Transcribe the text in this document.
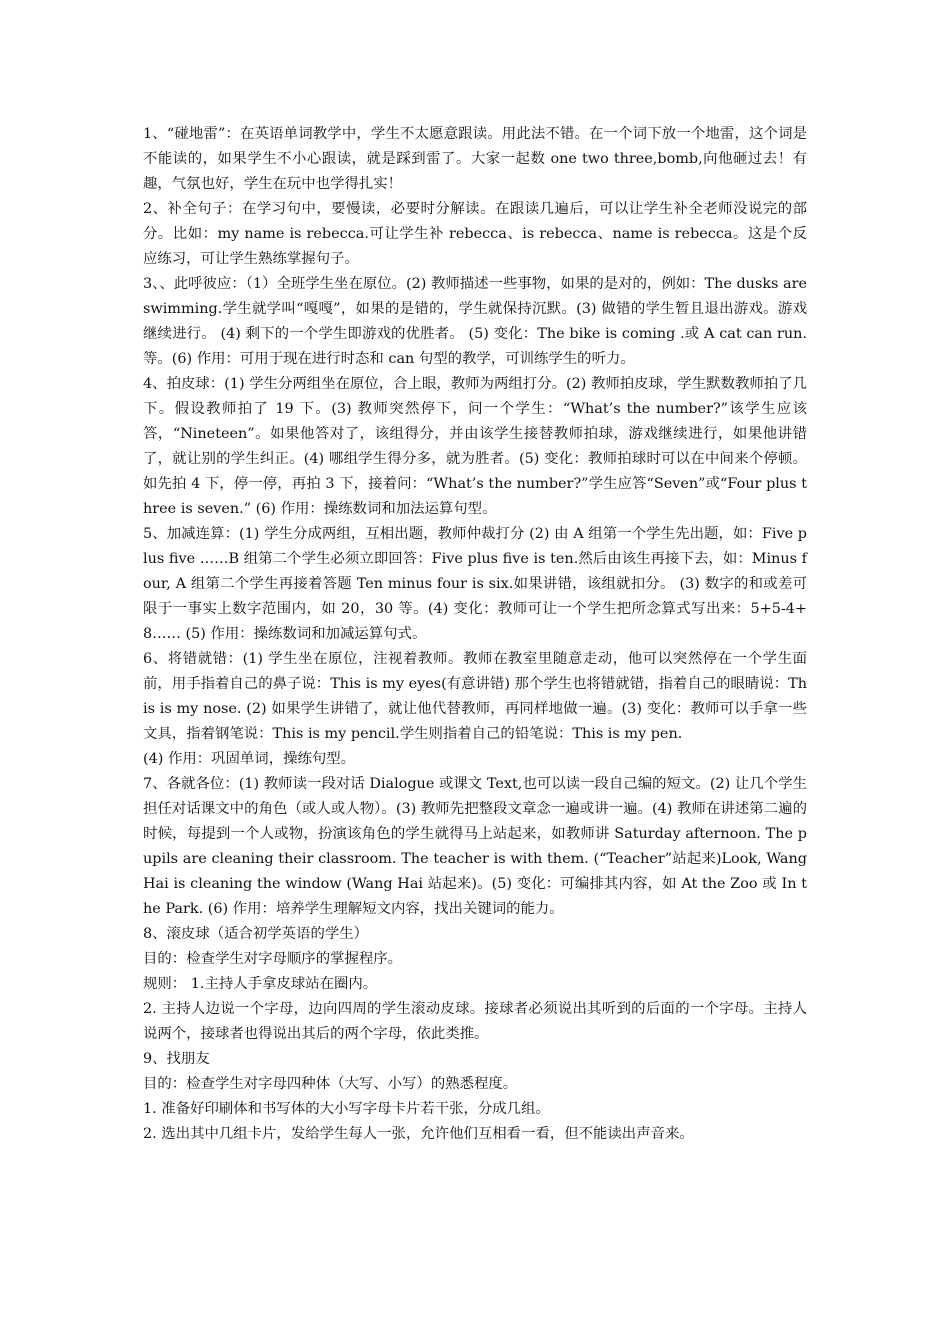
1、“碰地雷”：在英语单词教学中，学生不太愿意跟读。用此法不错。在一个词下放一个地雷，这个词是不能读的，如果学生不小心跟读，就是踩到雷了。大家一起数 one two three,bomb,向他砸过去！有趣，气氛也好，学生在玩中也学得扎实！

2、补全句子：在学习句中，要慢读，必要时分解读。在跟读几遍后，可以让学生补全老师没说完的部分。比如：my name is rebecca.可让学生补 rebecca、is rebecca、name is rebecca。这是个反应练习，可让学生熟练掌握句子。

3、、此呼彼应：（1）全班学生坐在原位。(2) 教师描述一些事物，如果的是对的，例如：The dusks are swimming.学生就学叫“嘎嘎”，如果的是错的，学生就保持沉默。(3) 做错的学生暂且退出游戏。游戏继续进行。 (4) 剩下的一个学生即游戏的优胜者。 (5) 变化：The bike is coming .或 A cat can run. 等。(6) 作用：可用于现在进行时态和 can 句型的教学，可训练学生的听力。

4、拍皮球：(1) 学生分两组坐在原位，合上眼，教师为两组打分。(2) 教师拍皮球，学生默数教师拍了几下。假设教师拍了 19 下。(3) 教师突然停下，问一个学生：“What’s the number?”该学生应该答，“Nineteen”。如果他答对了，该组得分，并由该学生接替教师拍球，游戏继续进行，如果他讲错了，就让别的学生纠正。(4) 哪组学生得分多，就为胜者。(5) 变化：教师拍球时可以在中间来个停顿。如先拍 4 下，停一停，再拍 3 下，接着问：“What’s the number?”学生应答“Seven”或“Four plus three is seven.” (6) 作用：操练数词和加法运算句型。

5、加减连算：(1) 学生分成两组，互相出题，教师仲裁打分 (2) 由 A 组第一个学生先出题，如：Five plus five ……B 组第二个学生必须立即回答：Five plus five is ten.然后由该生再接下去，如：Minus four, A 组第二个学生再接着答题 Ten minus four is six.如果讲错，该组就扣分。 (3) 数字的和或差可限于一事实上数字范围内，如 20，30 等。(4) 变化：教师可让一个学生把所念算式写出来：5+5-4+8…… (5) 作用：操练数词和加减运算句式。

6、将错就错：(1) 学生坐在原位，注视着教师。教师在教室里随意走动，他可以突然停在一个学生面前，用手指着自己的鼻子说：This is my eyes(有意讲错) 那个学生也将错就错，指着自己的眼睛说：This is my nose. (2) 如果学生讲错了，就让他代替教师，再同样地做一遍。(3) 变化：教师可以手拿一些文具，指着钢笔说：This is my pencil.学生则指着自己的铅笔说：This is my pen.

(4) 作用：巩固单词，操练句型。

7、各就各位：(1) 教师读一段对话 Dialogue 或课文 Text,也可以读一段自己编的短文。(2) 让几个学生担任对话课文中的角色（或人或人物）。(3) 教师先把整段文章念一遍或讲一遍。(4) 教师在讲述第二遍的时候，每提到一个人或物，扮演该角色的学生就得马上站起来，如教师讲 Saturday afternoon. The pupils are cleaning their classroom. The teacher is with them. (“Teacher”站起来)Look, Wang Hai is cleaning the window (Wang Hai 站起来)。(5) 变化：可编排其内容，如 At the Zoo 或 In the Park. (6) 作用：培养学生理解短文内容，找出关键词的能力。

8、滚皮球（适合初学英语的学生）

目的：检查学生对字母顺序的掌握程序。

规则： 1.主持人手拿皮球站在圈内。

2. 主持人边说一个字母，边向四周的学生滚动皮球。接球者必须说出其听到的后面的一个字母。主持人说两个，接球者也得说出其后的两个字母，依此类推。

9、找朋友

目的：检查学生对字母四种体（大写、小写）的熟悉程度。

1. 准备好印刷体和书写体的大小写字母卡片若干张，分成几组。

2. 选出其中几组卡片，发给学生每人一张，允许他们互相看一看，但不能读出声音来。
